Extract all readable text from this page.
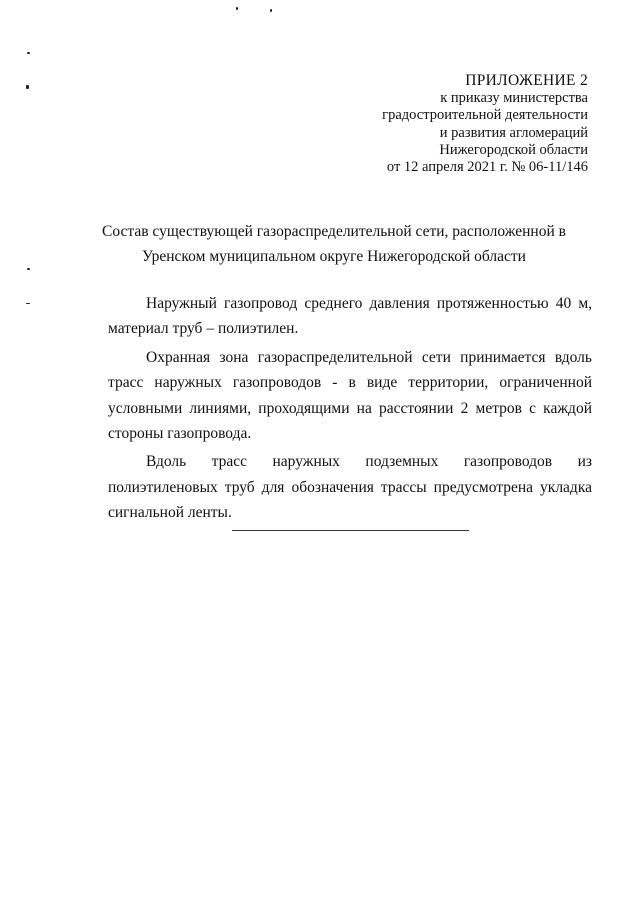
ПРИЛОЖЕНИЕ 2
к приказу министерства
градостроительной деятельности
и развития агломераций
Нижегородской области
от 12 апреля 2021 г. № 06-11/146
Состав существующей газораспределительной сети, расположенной в
Уренском муниципальном округе Нижегородской области

Наружный газопровод среднего давления протяженностью 40 м, материал труб – полиэтилен.

Охранная зона газораспределительной сети принимается вдоль трасс наружных газопроводов - в виде территории, ограниченной условными линиями, проходящими на расстоянии 2 метров с каждой стороны газопровода.

Вдоль трасс наружных подземных газопроводов из полиэтиленовых труб для обозначения трассы предусмотрена укладка сигнальной ленты.
